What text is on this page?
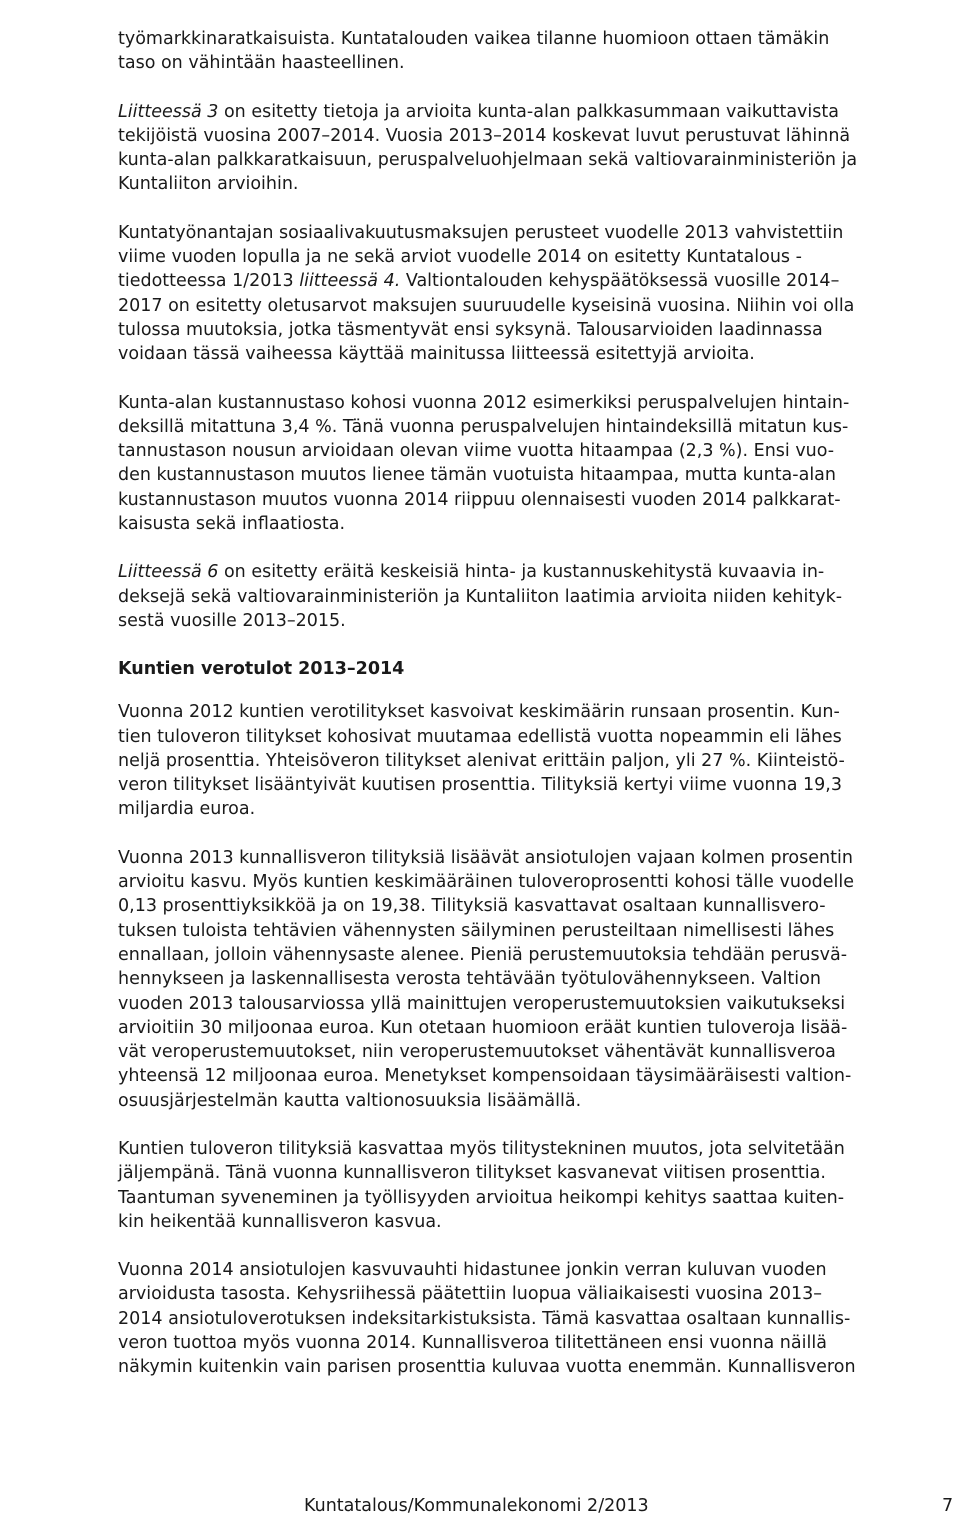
työmarkkinaratkaisuista. Kuntatalouden vaikea tilanne huomioon ottaen tämäkin
taso on vähintään haasteellinen.

Liitteessä 3 on esitetty tietoja ja arvioita kunta-alan palkkasummaan vaikuttavista
tekijöistä vuosina 2007–2014. Vuosia 2013–2014 koskevat luvut perustuvat lähinnä
kunta-alan palkkaratkaisuun, peruspalveluohjelmaan sekä valtiovarainministeriön ja
Kuntaliiton arvioihin.

Kuntatyönantajan sosiaalivakuutusmaksujen perusteet vuodelle 2013 vahvistettiin
viime vuoden lopulla ja ne sekä arviot vuodelle 2014 on esitetty Kuntatalous -
tiedotteessa 1/2013 liitteessä 4. Valtiontalouden kehyspäätöksessä vuosille 2014–
2017 on esitetty oletusarvot maksujen suuruudelle kyseisinä vuosina. Niihin voi olla
tulossa muutoksia, jotka täsmentyvät ensi syksynä. Talousarvioiden laadinnassa
voidaan tässä vaiheessa käyttää mainitussa liitteessä esitettyjä arvioita.

Kunta-alan kustannustaso kohosi vuonna 2012 esimerkiksi peruspalvelujen hintain-
deksillä mitattuna 3,4 %. Tänä vuonna peruspalvelujen hintaindeksillä mitatun kus-
tannustason nousun arvioidaan olevan viime vuotta hitaampaa (2,3 %). Ensi vuo-
den kustannustason muutos lienee tämän vuotuista hitaampaa, mutta kunta-alan
kustannustason muutos vuonna 2014 riippuu olennaisesti vuoden 2014 palkkarat-
kaisusta sekä inflaatiosta.

Liitteessä 6 on esitetty eräitä keskeisiä hinta- ja kustannuskehitystä kuvaavia in-
deksejä sekä valtiovarainministeriön ja Kuntaliiton laatimia arvioita niiden kehityk-
sestä vuosille 2013–2015.

Kuntien verotulot 2013–2014

Vuonna 2012 kuntien verotilitykset kasvoivat keskimäärin runsaan prosentin. Kun-
tien tuloveron tilitykset kohosivat muutamaa edellistä vuotta nopeammin eli lähes
neljä prosenttia. Yhteisöveron tilitykset alenivat erittäin paljon, yli 27 %. Kiinteistö-
veron tilitykset lisääntyivät kuutisen prosenttia. Tilityksiä kertyi viime vuonna 19,3
miljardia euroa.

Vuonna 2013 kunnallisveron tilityksiä lisäävät ansiotulojen vajaan kolmen prosentin
arvioitu kasvu. Myös kuntien keskimääräinen tuloveroprosentti kohosi tälle vuodelle
0,13 prosenttiyksikköä ja on 19,38. Tilityksiä kasvattavat osaltaan kunnallisvero-
tuksen tuloista tehtävien vähennysten säilyminen perusteiltaan nimellisesti lähes
ennallaan, jolloin vähennysaste alenee. Pieniä perustemuutoksia tehdään perusvä-
hennykseen ja laskennallisesta verosta tehtävään työtulovähennykseen. Valtion
vuoden 2013 talousarviossa yllä mainittujen veroperustemuutoksien vaikutukseksi
arvioitiin 30 miljoonaa euroa. Kun otetaan huomioon eräät kuntien tuloveroja lisää-
vät veroperustemuutokset, niin veroperustemuutokset vähentävät kunnallisveroa
yhteensä 12 miljoonaa euroa. Menetykset kompensoidaan täysimääräisesti valtion-
osuusjärjestelmän kautta valtionosuuksia lisäämällä.

Kuntien tuloveron tilityksiä kasvattaa myös tilitystekninen muutos, jota selvitetään
jäljempänä. Tänä vuonna kunnallisveron tilitykset kasvanevat viitisen prosenttia.
Taantuman syveneminen ja työllisyyden arvioitua heikompi kehitys saattaa kuiten-
kin heikentää kunnallisveron kasvua.

Vuonna 2014 ansiotulojen kasvuvauhti hidastunee jonkin verran kuluvan vuoden
arvioidusta tasosta. Kehysriihessä päätettiin luopua väliaikaisesti vuosina 2013–
2014 ansiotuloverotuksen indeksitarkistuksista. Tämä kasvattaa osaltaan kunnallis-
veron tuottoa myös vuonna 2014. Kunnallisveroa tilitettäneen ensi vuonna näillä
näkymin kuitenkin vain parisen prosenttia kuluvaa vuotta enemmän. Kunnallisveron

Kuntatalous/Kommunalekonomi 2/2013	7
